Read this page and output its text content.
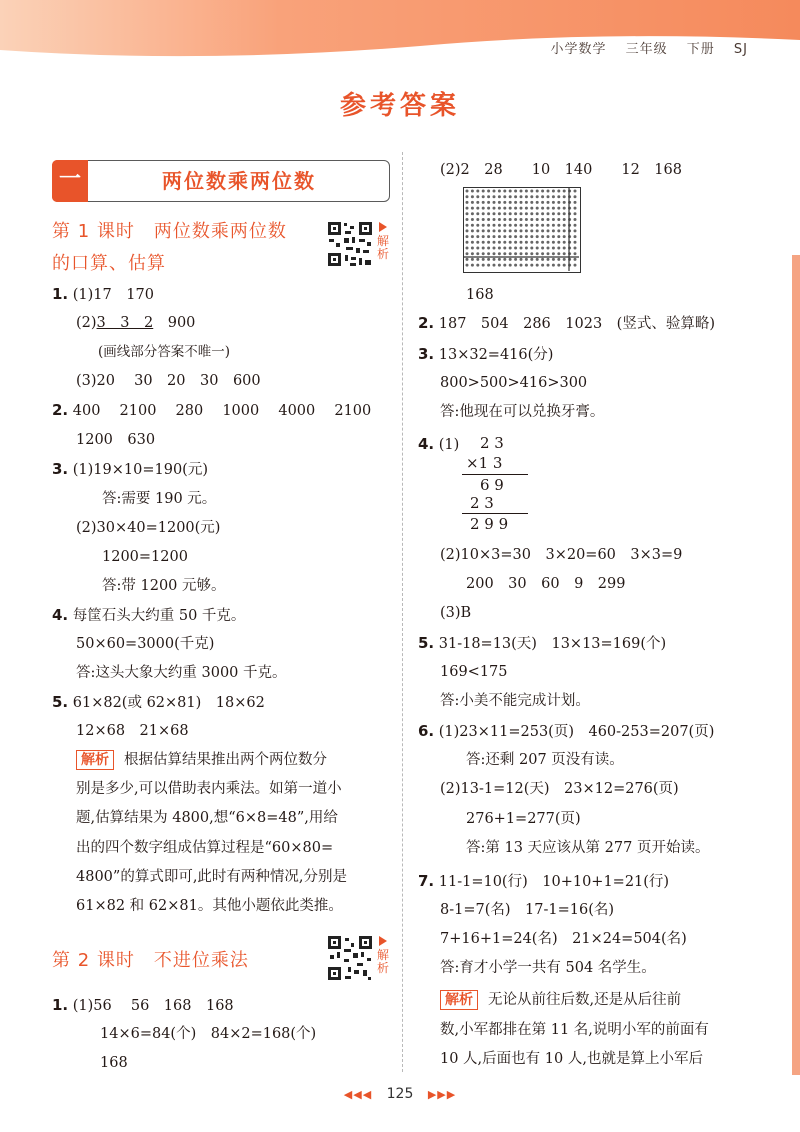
小学数学 三年级 下册 SJ
参考答案
一	两位数乘两位数
第 1 课时　两位数乘两位数
的口算、估算
解析
1. (1)17　170
(2)3　3　2　900
(画线部分答案不唯一)
(3)20　 30　20　30　600
2. 400　 2100　 280　 1000　 4000　 2100
1200　630
3. (1)19×10=190(元)
答:需要 190 元。
(2)30×40=1200(元)
1200=1200
答:带 1200 元够。
4. 每筐石头大约重 50 千克。
50×60=3000(千克)
答:这头大象大约重 3000 千克。
5. 61×82(或 62×81)　18×62
12×68　21×68
解析 根据估算结果推出两个两位数分
别是多少,可以借助表内乘法。如第一道小
题,估算结果为 4800,想“6×8=48”,用给
出的四个数字组成估算过程是“60×80=
4800”的算式即可,此时有两种情况,分别是
61×82 和 62×81。其他小题依此类推。
第 2 课时　不进位乘法	解析
1. (1)56　 56　168　168
14×6=84(个)　84×2=168(个)
168
(2)2　28　　10　140　　12　168
168
2. 187　504　286　1023　(竖式、验算略)
3. 13×32=416(分)
800>500>416>300
答:他现在可以兑换牙膏。
4. (1) 2 3
×1 3
6 9
2 3
2 9 9
(2)10×3=30　3×20=60　3×3=9
200　30　60　9　299
(3)B
5. 31-18=13(天)　13×13=169(个)
169<175
答:小美不能完成计划。
6. (1)23×11=253(页)　460-253=207(页)
答:还剩 207 页没有读。
(2)13-1=12(天)　23×12=276(页)
276+1=277(页)
答:第 13 天应该从第 277 页开始读。
7. 11-1=10(行)　10+10+1=21(行)
8-1=7(名)　17-1=16(名)
7+16+1=24(名)　21×24=504(名)
答:育才小学一共有 504 名学生。
解析 无论从前往后数,还是从后往前
数,小军都排在第 11 名,说明小军的前面有
10 人,后面也有 10 人,也就是算上小军后
◀◀◀ 125 ▶▶▶
